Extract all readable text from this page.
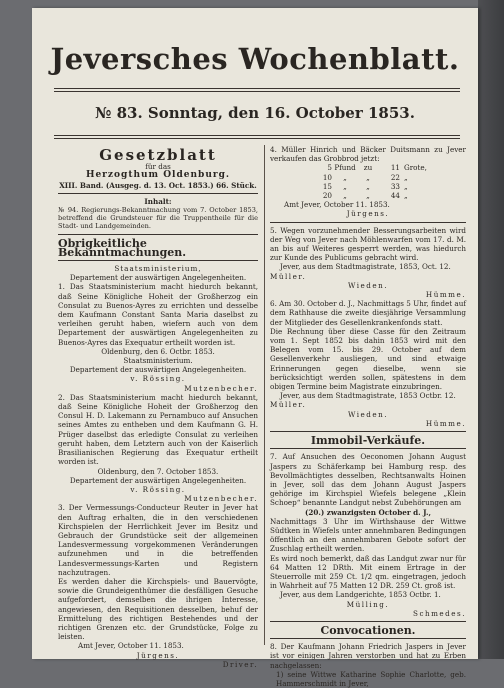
Jeversches Wochenblatt.
№ 83. Sonntag, den 16. October 1853.
Gesetzblatt

für das

Herzogthum Oldenburg.

XIII. Band. (Ausgeg. d. 13. Oct. 1853.) 66. Stück.

Inhalt:

№ 94. Regierungs-Bekanntmachung vom 7. October 1853, betreffend die Grundsteuer für die Truppentheile für die Stadt- und Landgemeinden.

Obrigkeitliche Bekanntmachungen.

Staatsministerium,

Departement der auswärtigen Angelegenheiten.

1. Das Staatsministerium macht hiedurch bekannt, daß Seine Königliche Hoheit der Großherzog ein Consulat zu Buenos-Ayres zu errichten und desselbe dem Kaufmann Constant Santa Maria daselbst zu verleihen geruht haben, wiefern auch von dem Departement der auswärtigen Angelegenheiten zu Buenos-Ayres das Exequatur ertheilt worden ist.

Oldenburg, den 6. Octbr. 1853.

Staatsministerium.

Departement der auswärtigen Angelegenheiten.

v. Rössing.

Mutzenbecher.

2. Das Staatsministerium macht hiedurch bekannt, daß Seine Königliche Hoheit der Großherzog den Consul H. D. Lakemann zu Pernambuco auf Ansuchen seines Amtes zu entheben und dem Kaufmann G. H. Prüger daselbst das erledigte Consulat zu verleihen geruht haben, dem Letztern auch von der Kaiserlich Brasilianischen Regierung das Exequatur ertheilt worden ist.

Oldenburg, den 7. October 1853.

Departement der auswärtigen Angelegenheiten.

v. Rössing.

Mutzenbecher.

3. Der Vermessungs-Conducteur Reuter in Jever hat den Auftrag erhalten, die in den verschiedenen Kirchspielen der Herrlichkeit Jever im Besitz und Gebrauch der Grundstücke seit der allgemeinen Landesvermessung vorgekommenen Veränderungen aufzunehmen und in die betreffenden Landesvermessungs-Karten und Registern nachzutragen.

Es werden daher die Kirchspiels- und Bauervögte, sowie die Grundeigenthümer die desfälligen Gesuche aufgefordert, demselben die ihrigen Interesse, angewiesen, den Requisitionen desselben, behuf der Ermittelung des richtigen Bestehendes und der richtigen Grenzen etc. der Grundstücke, Folge zu leisten.

Amt Jever, October 11. 1853.

Jürgens.

Driver.

4. Müller Hinrich und Bäcker Duitsmann zu Jever verkaufen das Grobbrod jetzt:

5 Pfund	zu	11 Grote,
10	„	„	22 „
15	„	„	33 „
20	„	„	44 „

Amt Jever, October 11. 1853.

Jürgens.

5. Wegen vorzunehmender Besserungsarbeiten wird der Weg von Jever nach Möhlenwarfen vom 17. d. M. an bis auf Weiteres gesperrt werden, was hiedurch zur Kunde des Publicums gebracht wird.

Jever, aus dem Stadtmagistrate, 1853, Oct. 12.

Müller.

Wieden.

Hümme.

6. Am 30. October d. J., Nachmittags 5 Uhr, findet auf dem Rathhause die zweite diesjährige Versammlung der Mitglieder des Gesellenkrankenfonds statt.

Die Rechnung über diese Casse für den Zeitraum vom 1. Sept 1852 bis dahin 1853 wird mit den Belegen vom 15. bis 29. October auf dem Gesellenverkehr ausliegen, und sind etwaige Erinnerungen gegen dieselbe, wenn sie berücksichtigt werden sollen, spätestens in dem obigen Termine beim Magistrate einzubringen.

Jever, aus dem Stadtmagistrate, 1853 Octbr. 12.

Müller.

Wieden.

Hümme.

Immobil-Verkäufe.

7. Auf Ansuchen des Oeconomen Johann August Jaspers zu Schäferkamp bei Hamburg resp. des Bevollmächtigtes desselben, Rechtsanwalts Hoinen in Jever, soll das dem Johann August Jaspers gehörige im Kirchspiel Wiefels belegene „Klein Schoep“ benannte Landgut nebst Zubehörungen am

(20.) zwanzigsten October d. J.,

Nachmittags 3 Uhr im Wirthshause der Wittwe Südtken in Wiefels unter annehmbaren Bedingungen öffentlich an den annehmbaren Gebote sofort der Zuschlag ertheilt werden.

Es wird noch bemerkt, daß das Landgut zwar nur für 64 Matten 12 DRth. Mit einem Ertrage in der Steuerrolle mit 259 Ct. 1/2 qm. eingetragen, jedoch in Wahrheit auf 75 Matten 12 DR. 259 Ct. groß ist.

Jever, aus dem Landgerichte, 1853 Octbr. 1.

Mülling.

Schmedes.

Convocationen.

8. Der Kaufmann Johann Friedrich Jaspers in Jever ist vor einigen Jahren verstorben und hat zu Erben nachgelassen:

1) seine Wittwe Katharine Sophie Charlotte, geb. Hammerschmidt in Jever,
